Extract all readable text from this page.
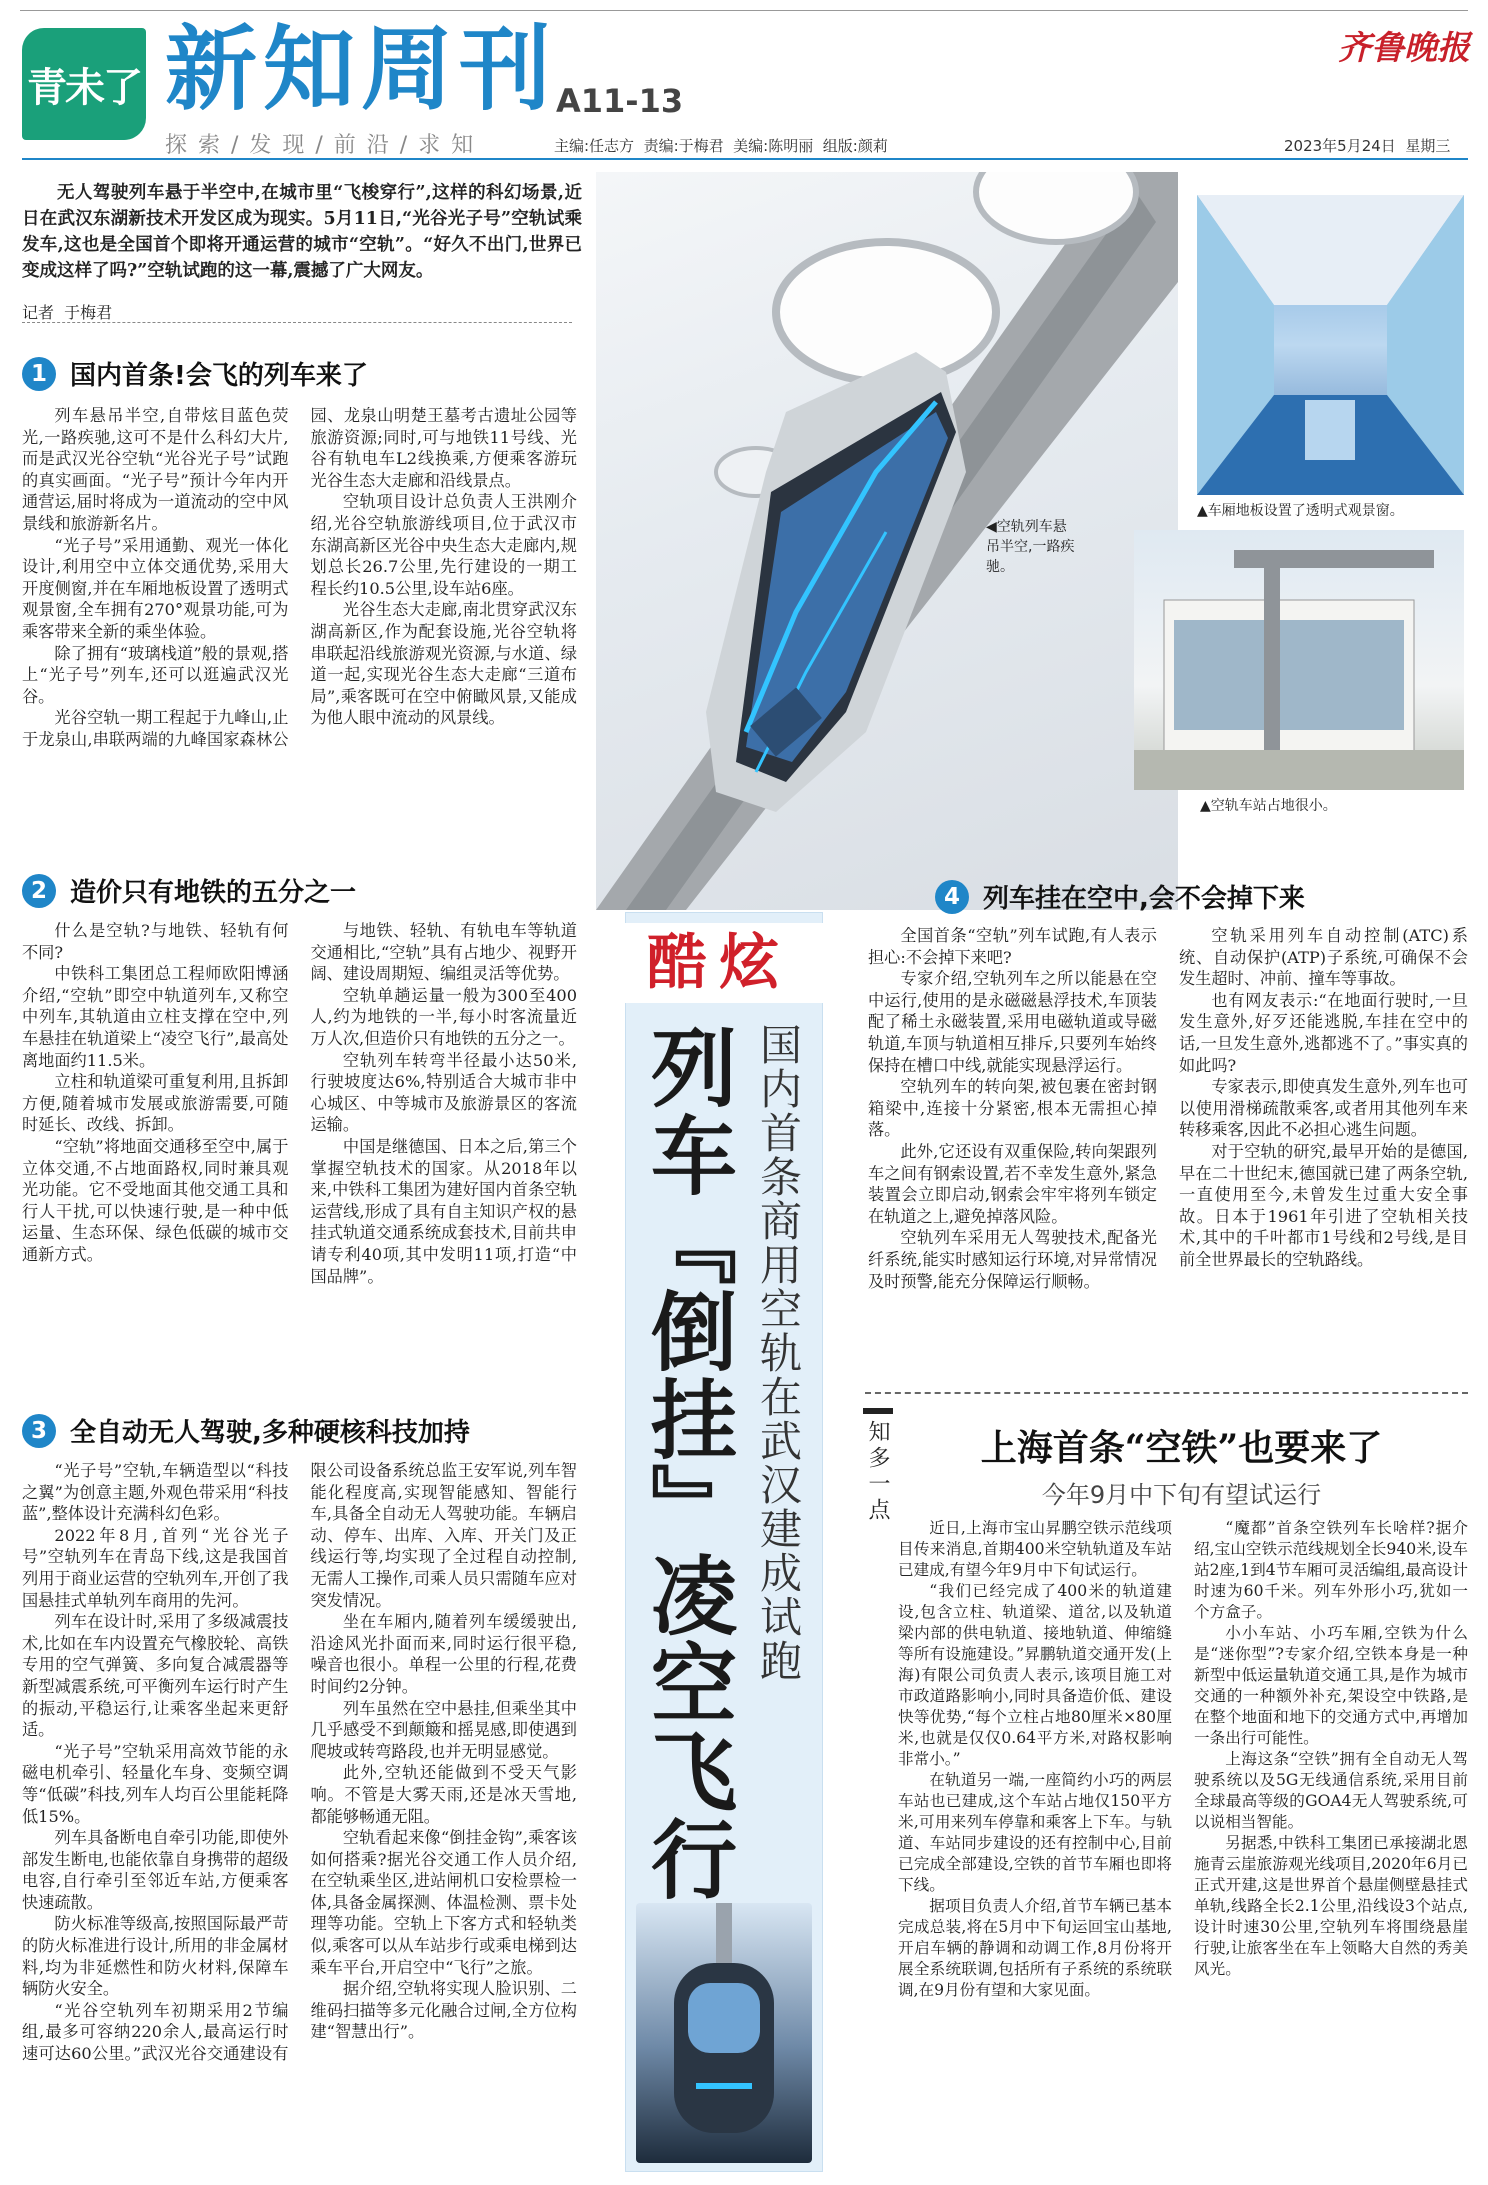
青未了 新知周刊
A11-13
探 索 / 发 现 / 前 沿 / 求 知	主编:任志方  责编:于梅君  美编:陈明丽  组版:颜莉	2023年5月24日  星期三
齐鲁晚报
无人驾驶列车悬于半空中,在城市里“飞梭穿行”,这样的科幻场景,近日在武汉东湖新技术开发区成为现实。5月11日,“光谷光子号”空轨试乘发车,这也是全国首个即将开通运营的城市“空轨”。“好久不出门,世界已变成这样了吗?”空轨试跑的这一幕,震撼了广大网友。
记者  于梅君
1 国内首条!会飞的列车来了

列车悬吊半空,自带炫目蓝色荧光,一路疾驰,这可不是什么科幻大片,而是武汉光谷空轨“光谷光子号”试跑的真实画面。“光子号”预计今年内开通营运,届时将成为一道流动的空中风景线和旅游新名片。

“光子号”采用通勤、观光一体化设计,利用空中立体交通优势,采用大开度侧窗,并在车厢地板设置了透明式观景窗,全车拥有270°观景功能,可为乘客带来全新的乘坐体验。

除了拥有“玻璃栈道”般的景观,搭上“光子号”列车,还可以逛遍武汉光谷。

光谷空轨一期工程起于九峰山,止于龙泉山,串联两端的九峰国家森林公园、龙泉山明楚王墓考古遗址公园等旅游资源;同时,可与地铁11号线、光谷有轨电车L2线换乘,方便乘客游玩光谷生态大走廊和沿线景点。

空轨项目设计总负责人王洪刚介绍,光谷空轨旅游线项目,位于武汉市东湖高新区光谷中央生态大走廊内,规划总长26.7公里,先行建设的一期工程长约10.5公里,设车站6座。

光谷生态大走廊,南北贯穿武汉东湖高新区,作为配套设施,光谷空轨将串联起沿线旅游观光资源,与水道、绿道一起,实现光谷生态大走廊“三道布局”,乘客既可在空中俯瞰风景,又能成为他人眼中流动的风景线。

◀空轨列车悬吊半空,一路疾驰。
▲车厢地板设置了透明式观景窗。
▲空轨车站占地很小。
2 造价只有地铁的五分之一

什么是空轨?与地铁、轻轨有何不同?

中铁科工集团总工程师欧阳博涵介绍,“空轨”即空中轨道列车,又称空中列车,其轨道由立柱支撑在空中,列车悬挂在轨道梁上“凌空飞行”,最高处离地面约11.5米。

立柱和轨道梁可重复利用,且拆卸方便,随着城市发展或旅游需要,可随时延长、改线、拆卸。

“空轨”将地面交通移至空中,属于立体交通,不占地面路权,同时兼具观光功能。它不受地面其他交通工具和行人干扰,可以快速行驶,是一种中低运量、生态环保、绿色低碳的城市交通新方式。

与地铁、轻轨、有轨电车等轨道交通相比,“空轨”具有占地少、视野开阔、建设周期短、编组灵活等优势。

空轨单趟运量一般为300至400人,约为地铁的一半,每小时客流量近万人次,但造价只有地铁的五分之一。

空轨列车转弯半径最小达50米,行驶坡度达6%,特别适合大城市非中心城区、中等城市及旅游景区的客流运输。

中国是继德国、日本之后,第三个掌握空轨技术的国家。从2018年以来,中铁科工集团为建好国内首条空轨运营线,形成了具有自主知识产权的悬挂式轨道交通系统成套技术,目前共申请专利40项,其中发明11项,打造“中国品牌”。

酷炫
列车『倒挂』凌空飞行 国内首条商用空轨在武汉建成试跑
3 全自动无人驾驶,多种硬核科技加持

“光子号”空轨,车辆造型以“科技之翼”为创意主题,外观色带采用“科技蓝”,整体设计充满科幻色彩。

2022年8月,首列“光谷光子号”空轨列车在青岛下线,这是我国首列用于商业运营的空轨列车,开创了我国悬挂式单轨列车商用的先河。

列车在设计时,采用了多级减震技术,比如在车内设置充气橡胶轮、高铁专用的空气弹簧、多向复合减震器等新型减震系统,可平衡列车运行时产生的振动,平稳运行,让乘客坐起来更舒适。

“光子号”空轨采用高效节能的永磁电机牵引、轻量化车身、变频空调等“低碳”科技,列车人均百公里能耗降低15%。

列车具备断电自牵引功能,即使外部发生断电,也能依靠自身携带的超级电容,自行牵引至邻近车站,方便乘客快速疏散。

防火标准等级高,按照国际最严苛的防火标准进行设计,所用的非金属材料,均为非延燃性和防火材料,保障车辆防火安全。

“光谷空轨列车初期采用2节编组,最多可容纳220余人,最高运行时速可达60公里。”武汉光谷交通建设有限公司设备系统总监王安军说,列车智能化程度高,实现智能感知、智能行车,具备全自动无人驾驶功能。车辆启动、停车、出库、入库、开关门及正线运行等,均实现了全过程自动控制,无需人工操作,司乘人员只需随车应对突发情况。

坐在车厢内,随着列车缓缓驶出,沿途风光扑面而来,同时运行很平稳,噪音也很小。单程一公里的行程,花费时间约2分钟。

列车虽然在空中悬挂,但乘坐其中几乎感受不到颠簸和摇晃感,即使遇到爬坡或转弯路段,也并无明显感觉。

此外,空轨还能做到不受天气影响。不管是大雾天雨,还是冰天雪地,都能够畅通无阻。

空轨看起来像“倒挂金钩”,乘客该如何搭乘?据光谷交通工作人员介绍,在空轨乘坐区,进站闸机口安检票检一体,具备金属探测、体温检测、票卡处理等功能。空轨上下客方式和轻轨类似,乘客可以从车站步行或乘电梯到达乘车平台,开启空中“飞行”之旅。

据介绍,空轨将实现人脸识别、二维码扫描等多元化融合过闸,全方位构建“智慧出行”。

4 列车挂在空中,会不会掉下来

全国首条“空轨”列车试跑,有人表示担心:不会掉下来吧?

专家介绍,空轨列车之所以能悬在空中运行,使用的是永磁磁悬浮技术,车顶装配了稀土永磁装置,采用电磁轨道或导磁轨道,车顶与轨道相互排斥,只要列车始终保持在槽口中线,就能实现悬浮运行。

空轨列车的转向架,被包裹在密封钢箱梁中,连接十分紧密,根本无需担心掉落。

此外,它还设有双重保险,转向架跟列车之间有钢索设置,若不幸发生意外,紧急装置会立即启动,钢索会牢牢将列车锁定在轨道之上,避免掉落风险。

空轨列车采用无人驾驶技术,配备光纤系统,能实时感知运行环境,对异常情况及时预警,能充分保障运行顺畅。

空轨采用列车自动控制(ATC)系统、自动保护(ATP)子系统,可确保不会发生超时、冲前、撞车等事故。

也有网友表示:“在地面行驶时,一旦发生意外,好歹还能逃脱,车挂在空中的话,一旦发生意外,逃都逃不了。”事实真的如此吗?

专家表示,即使真发生意外,列车也可以使用滑梯疏散乘客,或者用其他列车来转移乘客,因此不必担心逃生问题。

对于空轨的研究,最早开始的是德国,早在二十世纪末,德国就已建了两条空轨,一直使用至今,未曾发生过重大安全事故。日本于1961年引进了空轨相关技术,其中的千叶都市1号线和2号线,是目前全世界最长的空轨路线。

知多一点	上海首条“空铁”也要来了
今年9月中下旬有望试运行

近日,上海市宝山昇鹏空铁示范线项目传来消息,首期400米空轨轨道及车站已建成,有望今年9月中下旬试运行。

“我们已经完成了400米的轨道建设,包含立柱、轨道梁、道岔,以及轨道梁内部的供电轨道、接地轨道、伸缩缝等所有设施建设。”昇鹏轨道交通开发(上海)有限公司负责人表示,该项目施工对市政道路影响小,同时具备造价低、建设快等优势,“每个立柱占地80厘米×80厘米,也就是仅仅0.64平方米,对路权影响非常小。”

在轨道另一端,一座简约小巧的两层车站也已建成,这个车站占地仅150平方米,可用来列车停靠和乘客上下车。与轨道、车站同步建设的还有控制中心,目前已完成全部建设,空铁的首节车厢也即将下线。

据项目负责人介绍,首节车辆已基本完成总装,将在5月中下旬运回宝山基地,开启车辆的静调和动调工作,8月份将开展全系统联调,包括所有子系统的系统联调,在9月份有望和大家见面。

“魔都”首条空铁列车长啥样?据介绍,宝山空铁示范线规划全长940米,设车站2座,1到4节车厢可灵活编组,最高设计时速为60千米。列车外形小巧,犹如一个方盒子。

小小车站、小巧车厢,空铁为什么是“迷你型”?专家介绍,空铁本身是一种新型中低运量轨道交通工具,是作为城市交通的一种额外补充,架设空中铁路,是在整个地面和地下的交通方式中,再增加一条出行可能性。

上海这条“空铁”拥有全自动无人驾驶系统以及5G无线通信系统,采用目前全球最高等级的GOA4无人驾驶系统,可以说相当智能。

另据悉,中铁科工集团已承接湖北恩施青云崖旅游观光线项目,2020年6月已正式开建,这是世界首个悬崖侧壁悬挂式单轨,线路全长2.1公里,沿线设3个站点,设计时速30公里,空轨列车将围绕悬崖行驶,让旅客坐在车上领略大自然的秀美风光。
